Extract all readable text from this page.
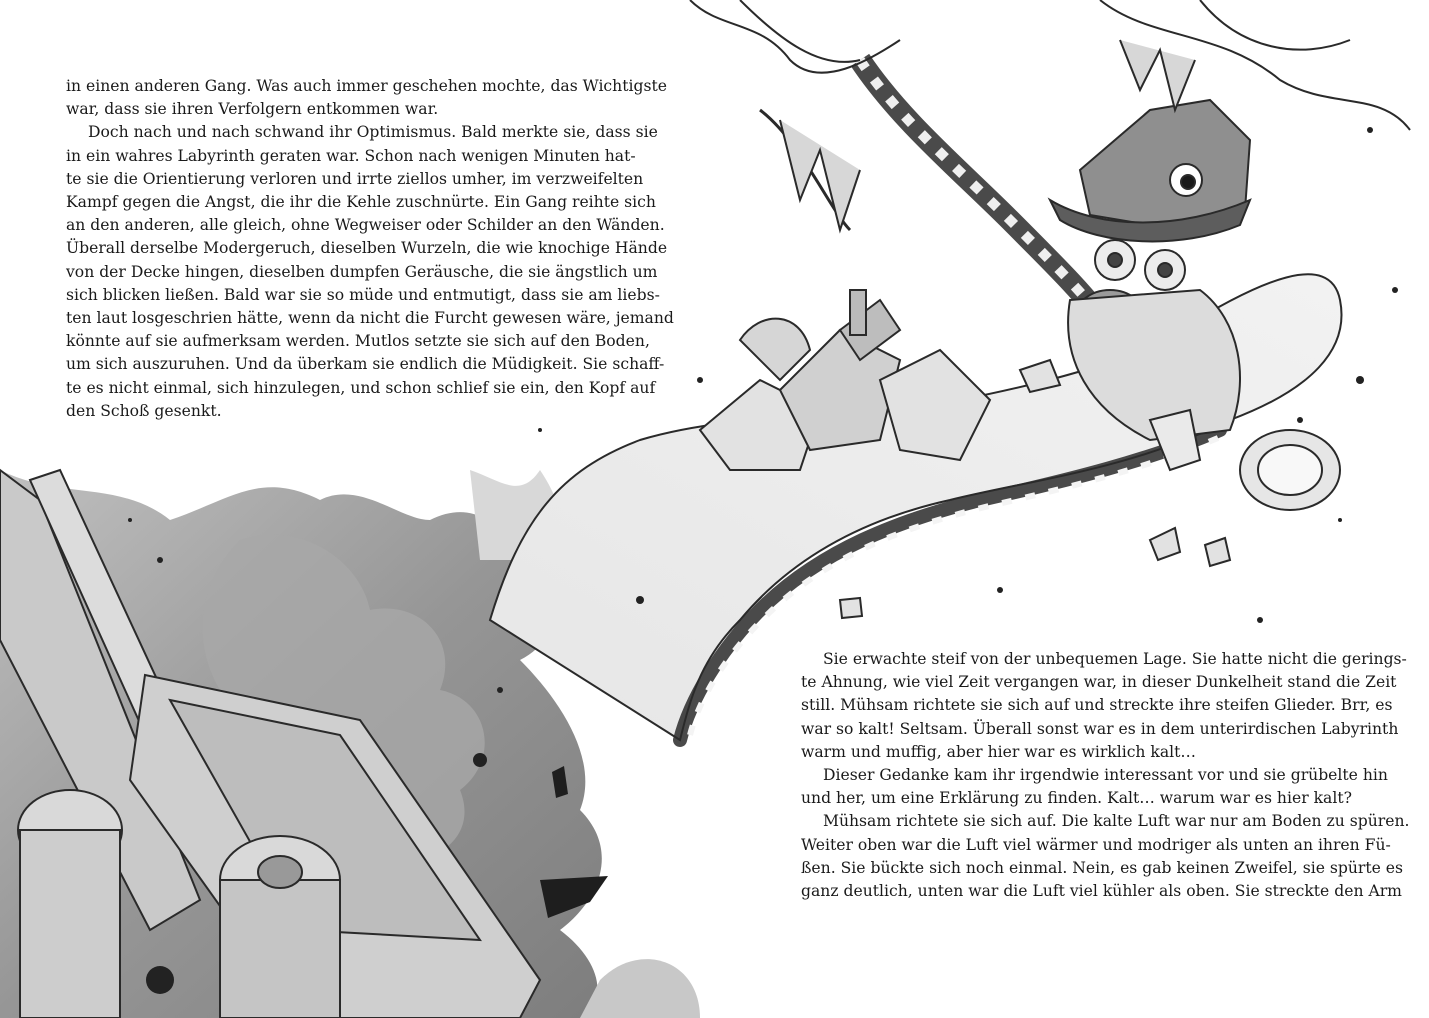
in einen anderen Gang. Was auch immer geschehen mochte, das Wichtigste
war, dass sie ihren Verfolgern entkommen war.

Doch nach und nach schwand ihr Optimismus. Bald merkte sie, dass sie
in ein wahres Labyrinth geraten war. Schon nach wenigen Minuten hat-
te sie die Orientierung verloren und irrte ziellos umher, im verzweifelten
Kampf gegen die Angst, die ihr die Kehle zuschnürte. Ein Gang reihte sich
an den anderen, alle gleich, ohne Wegweiser oder Schilder an den Wänden.
Überall derselbe Modergeruch, dieselben Wurzeln, die wie knochige Hände
von der Decke hingen, dieselben dumpfen Geräusche, die sie ängstlich um
sich blicken ließen. Bald war sie so müde und entmutigt, dass sie am liebs-
ten laut losgeschrien hätte, wenn da nicht die Furcht gewesen wäre, jemand
könnte auf sie aufmerksam werden. Mutlos setzte sie sich auf den Boden,
um sich auszuruhen. Und da überkam sie endlich die Müdigkeit. Sie schaff-
te es nicht einmal, sich hinzulegen, und schon schlief sie ein, den Kopf auf
den Schoß gesenkt.

Sie erwachte steif von der unbequemen Lage. Sie hatte nicht die gerings-
te Ahnung, wie viel Zeit vergangen war, in dieser Dunkelheit stand die Zeit
still. Mühsam richtete sie sich auf und streckte ihre steifen Glieder. Brr, es
war so kalt! Seltsam. Überall sonst war es in dem unterirdischen Labyrinth
warm und muffig, aber hier war es wirklich kalt…

Dieser Gedanke kam ihr irgendwie interessant vor und sie grübelte hin
und her, um eine Erklärung zu finden. Kalt… warum war es hier kalt?

Mühsam richtete sie sich auf. Die kalte Luft war nur am Boden zu spüren.
Weiter oben war die Luft viel wärmer und modriger als unten an ihren Fü-
ßen. Sie bückte sich noch einmal. Nein, es gab keinen Zweifel, sie spürte es
ganz deutlich, unten war die Luft viel kühler als oben. Sie streckte den Arm
